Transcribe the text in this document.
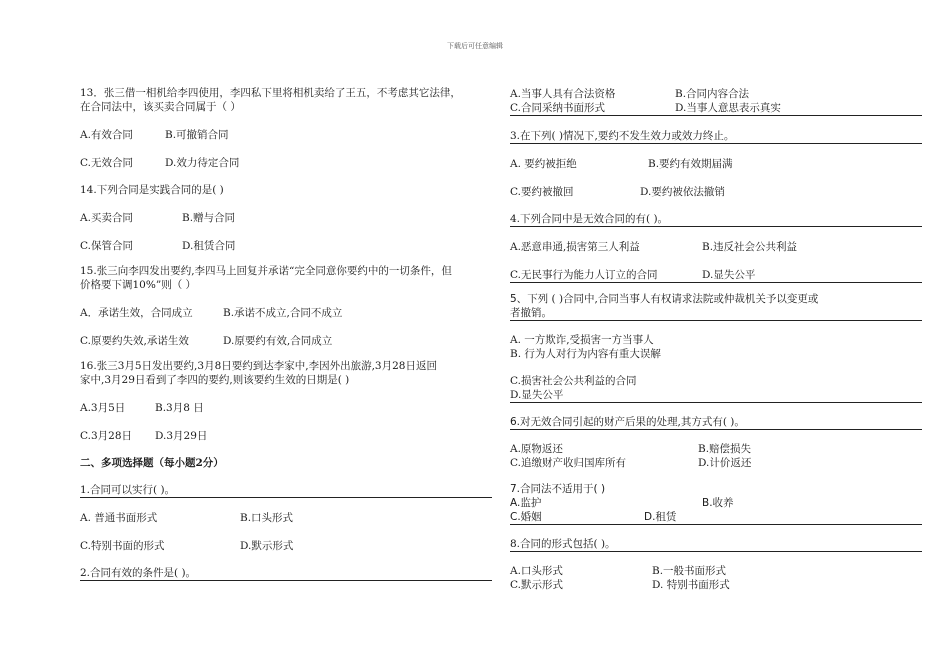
下载后可任意编辑

13．张三借一相机给李四使用，李四私下里将相机卖给了王五，不考虑其它法律，

在合同法中，该买卖合同属于（ ）

A.有效合同	B.可撤销合同
C.无效合同	D.效力待定合同

14.下列合同是实践合同的是( )

A.买卖合同	B.赠与合同
C.保管合同	D.租赁合同

15.张三向李四发出要约,李四马上回复并承诺“完全同意你要约中的一切条件，但

价格要下调10%”则（ ）

A．承诺生效，合同成立	B.承诺不成立,合同不成立
C.原要约失效,承诺生效	D.原要约有效,合同成立

16.张三3月5日发出要约,3月8日要约到达李家中,李因外出旅游,3月28日返回

家中,3月29日看到了李四的要约,则该要约生效的日期是( )

A.3月5日	B.3月8 日
C.3月28日	D.3月29日

二、多项选择题（每小题2分）

1.合同可以实行( )。

A. 普通书面形式	B.口头形式
C.特别书面的形式	D.默示形式

2.合同有效的条件是( )。

A.当事人具有合法资格	B.合同内容合法
C.合同采纳书面形式	D.当事人意思表示真实

3.在下列( )情况下,要约不发生效力或效力终止。

A. 要约被拒绝	B.要约有效期届满
C.要约被撤回	D.要约被依法撤销

4.下列合同中是无效合同的有( )。

A.恶意串通,损害第三人利益	B.违反社会公共利益
C.无民事行为能力人订立的合同	D.显失公平

5、下列 ( )合同中,合同当事人有权请求法院或仲裁机关予以变更或

者撤销。

A. 一方欺诈,受损害一方当事人

B. 行为人对行为内容有重大误解

C.损害社会公共利益的合同

D.显失公平

6.对无效合同引起的财产后果的处理,其方式有( )。

A.原物返还	B.赔偿损失
C.追缴财产收归国库所有	D.计价返还

7.合同法不适用于( )

A.监护	B.收养
C.婚姻	D.租赁

8.合同的形式包括( )。

A.口头形式	B.一般书面形式
C.默示形式	D. 特别书面形式
